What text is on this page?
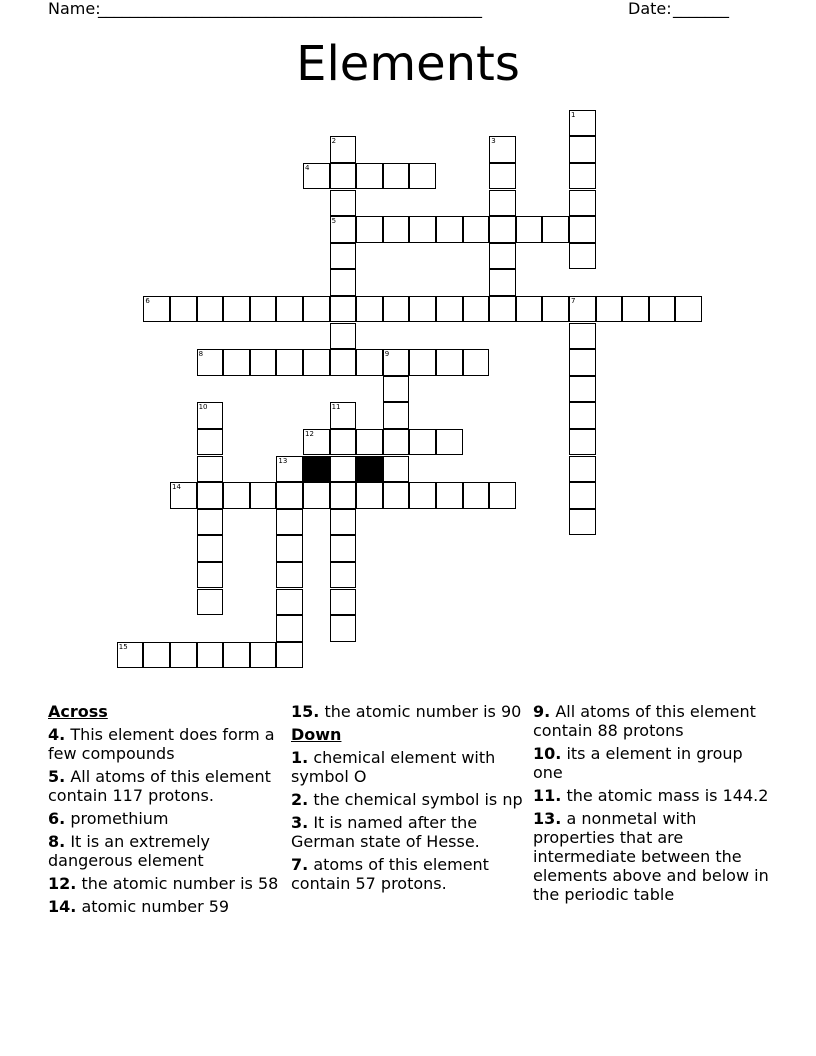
Name:
________________________________________________	Date: _______
Elements
1
2
5
3
4
6	7
8	9
10	11
12
13
14
15
Across
4. This element does form a few compounds
5. All atoms of this element contain 117 protons.
6. promethium
8. It is an extremely dangerous element
12. the atomic number is 58
14. atomic number 59
15. the atomic number is 90
Down
1. chemical element with symbol O
2. the chemical symbol is np
3. It is named after the German state of Hesse.
7. atoms of this element contain 57 protons.
9. All atoms of this element contain 88 protons
10. its a element in group one
11. the atomic mass is 144.2
13. a nonmetal with properties that are intermediate between the elements above and below in the periodic table
